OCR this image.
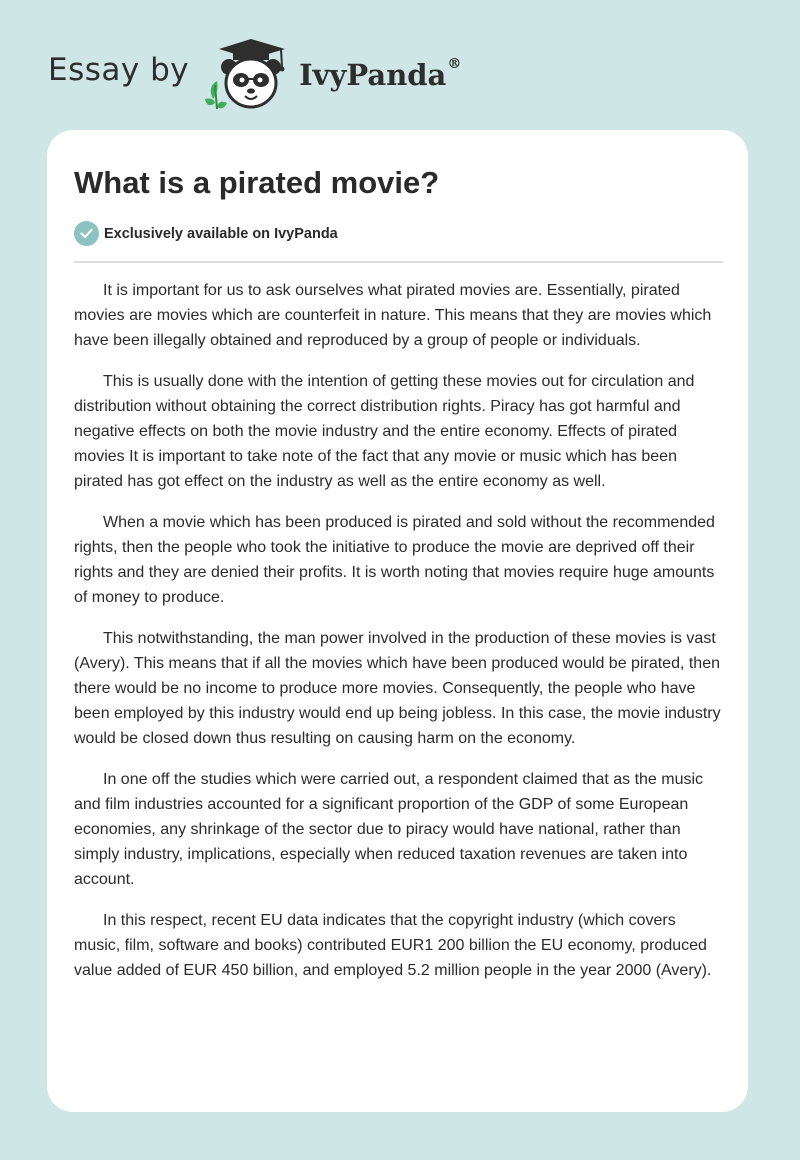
Essay by	IvyPanda®
What is a pirated movie?
Exclusively available on IvyPanda

It is important for us to ask ourselves what pirated movies are. Essentially, pirated movies are movies which are counterfeit in nature. This means that they are movies which have been illegally obtained and reproduced by a group of people or individuals.

This is usually done with the intention of getting these movies out for circulation and distribution without obtaining the correct distribution rights. Piracy has got harmful and negative effects on both the movie industry and the entire economy. Effects of pirated movies It is important to take note of the fact that any movie or music which has been pirated has got effect on the industry as well as the entire economy as well.

When a movie which has been produced is pirated and sold without the recommended rights, then the people who took the initiative to produce the movie are deprived off their rights and they are denied their profits. It is worth noting that movies require huge amounts of money to produce.

This notwithstanding, the man power involved in the production of these movies is vast (Avery). This means that if all the movies which have been produced would be pirated, then there would be no income to produce more movies. Consequently, the people who have been employed by this industry would end up being jobless. In this case, the movie industry would be closed down thus resulting on causing harm on the economy.

In one off the studies which were carried out, a respondent claimed that as the music and film industries accounted for a significant proportion of the GDP of some European economies, any shrinkage of the sector due to piracy would have national, rather than simply industry, implications, especially when reduced taxation revenues are taken into account.

In this respect, recent EU data indicates that the copyright industry (which covers music, film, software and books) contributed EUR1 200 billion the EU economy, produced value added of EUR 450 billion, and employed 5.2 million people in the year 2000 (Avery).
